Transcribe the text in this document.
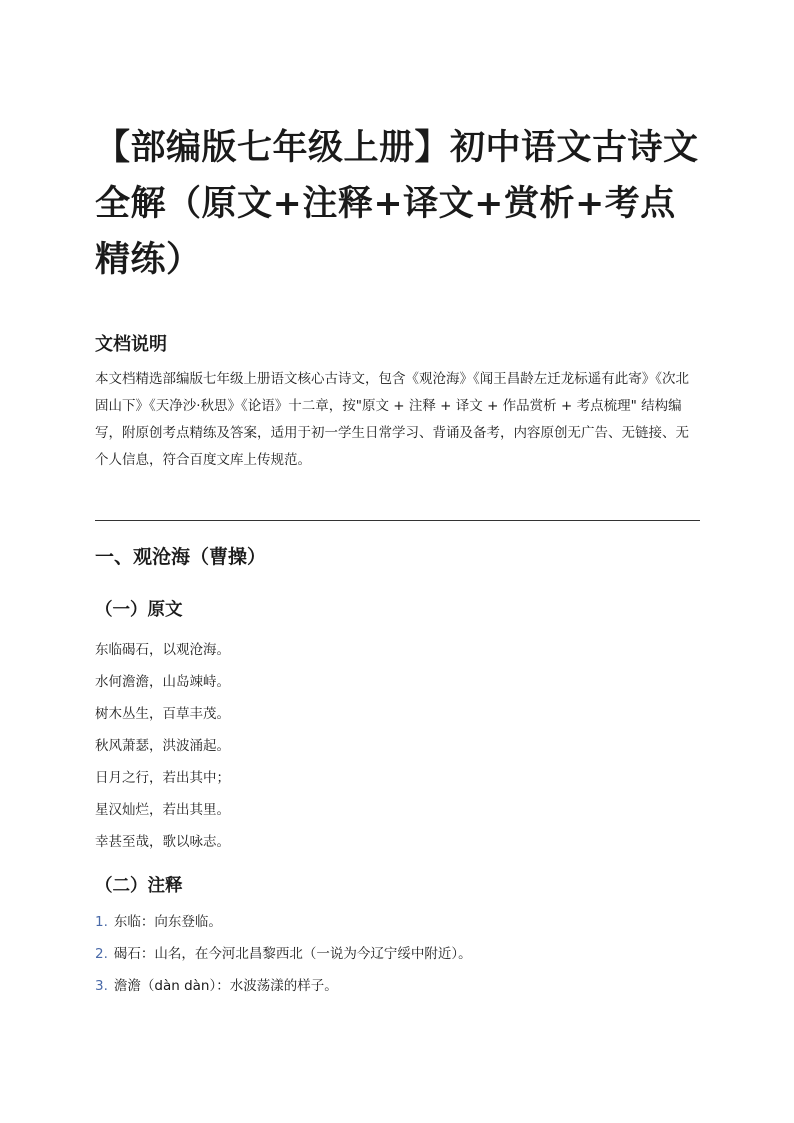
【部编版七年级上册】初中语文古诗文全解（原文+注释+译文+赏析+考点精练）
文档说明

本文档精选部编版七年级上册语文核心古诗文，包含《观沧海》《闻王昌龄左迁龙标遥有此寄》《次北固山下》《天净沙·秋思》《论语》十二章，按"原文 + 注释 + 译文 + 作品赏析 + 考点梳理" 结构编写，附原创考点精练及答案，适用于初一学生日常学习、背诵及备考，内容原创无广告、无链接、无个人信息，符合百度文库上传规范。

一、观沧海（曹操）
（一）原文
东临碣石，以观沧海。
水何澹澹，山岛竦峙。
树木丛生，百草丰茂。
秋风萧瑟，洪波涌起。
日月之行，若出其中；
星汉灿烂，若出其里。
幸甚至哉，歌以咏志。
（二）注释
1. 东临：向东登临。
2. 碣石：山名，在今河北昌黎西北（一说为今辽宁绥中附近）。
3. 澹澹（dàn dàn）：水波荡漾的样子。
